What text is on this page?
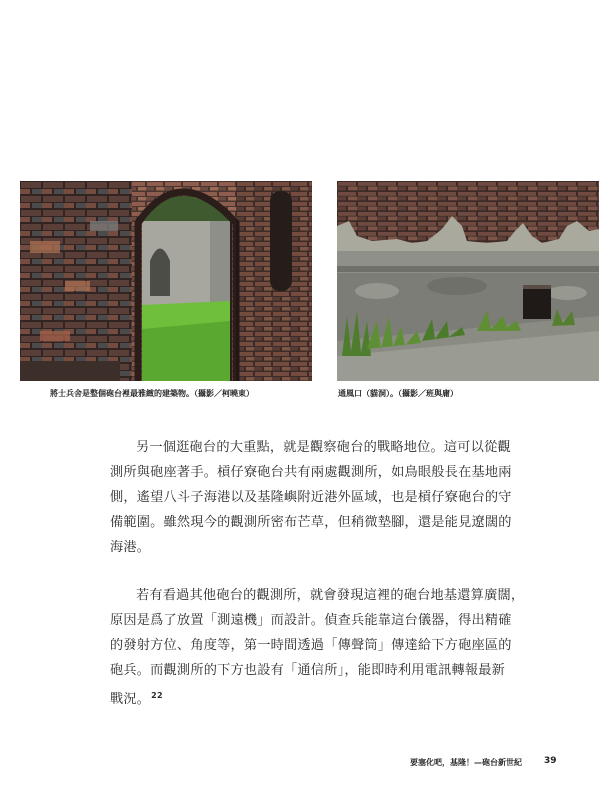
將士兵舍是整個砲台裡最雅緻的建築物。（攝影／柯曉東）	通風口（貓洞）。（攝影／班與庸）
另一個逛砲台的大重點，就是觀察砲台的戰略地位。這可以從觀
測所與砲座著手。槓仔寮砲台共有兩處觀測所，如鳥眼般長在基地兩
側，遙望八斗子海港以及基隆嶼附近港外區域，也是槓仔寮砲台的守
備範圍。雖然現今的觀測所密布芒草，但稍微墊腳，還是能見遼闊的
海港。
若有看過其他砲台的觀測所，就會發現這裡的砲台地基還算廣闊，
原因是爲了放置「測遠機」而設計。偵查兵能靠這台儀器，得出精確
的發射方位、角度等，第一時間透過「傳聲筒」傳達給下方砲座區的
砲兵。而觀測所的下方也設有「通信所」，能即時利用電訊轉報最新
戰況。$^{22}$
要塞化吧，基隆！—砲台新世紀 39
